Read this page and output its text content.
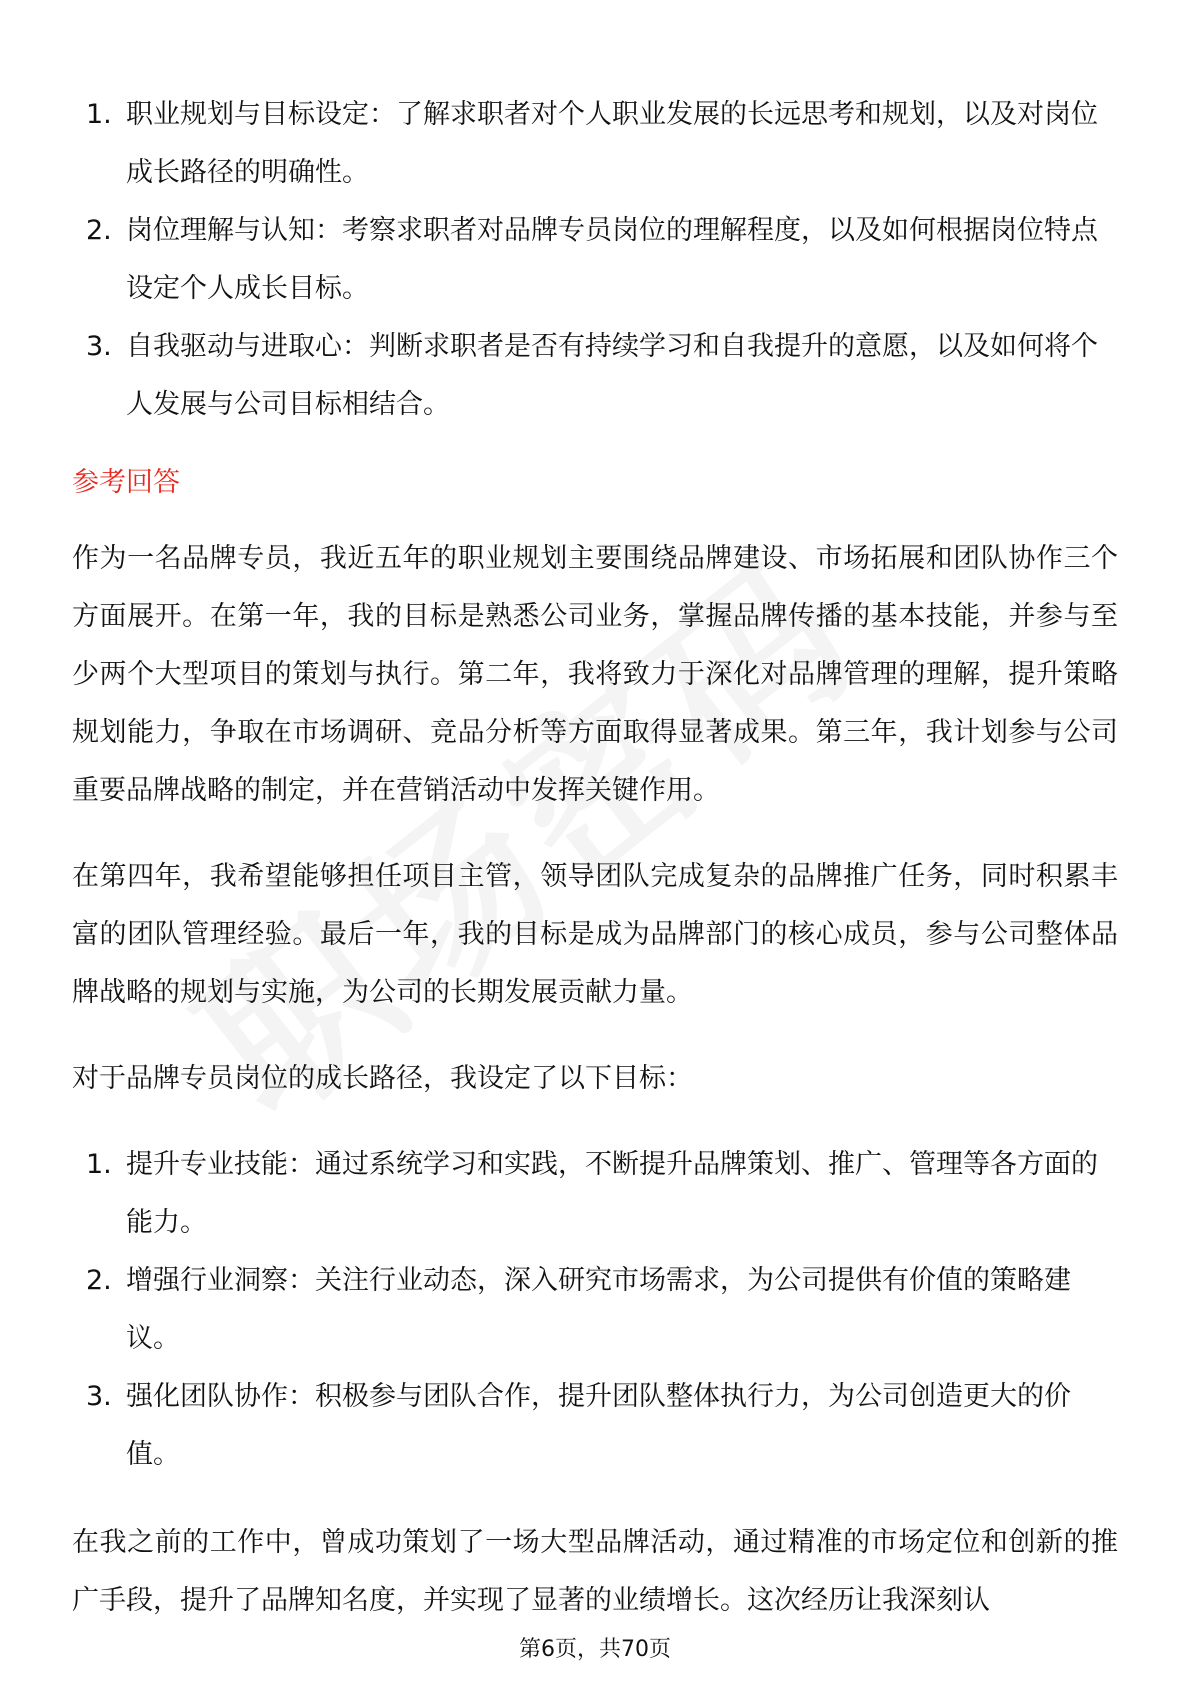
1. 职业规划与目标设定：了解求职者对个人职业发展的长远思考和规划，以及对岗位成长路径的明确性。
2. 岗位理解与认知：考察求职者对品牌专员岗位的理解程度，以及如何根据岗位特点设定个人成长目标。
3. 自我驱动与进取心：判断求职者是否有持续学习和自我提升的意愿，以及如何将个人发展与公司目标相结合。
参考回答

作为一名品牌专员，我近五年的职业规划主要围绕品牌建设、市场拓展和团队协作三个方面展开。在第一年，我的目标是熟悉公司业务，掌握品牌传播的基本技能，并参与至少两个大型项目的策划与执行。第二年，我将致力于深化对品牌管理的理解，提升策略规划能力，争取在市场调研、竞品分析等方面取得显著成果。第三年，我计划参与公司重要品牌战略的制定，并在营销活动中发挥关键作用。

在第四年，我希望能够担任项目主管，领导团队完成复杂的品牌推广任务，同时积累丰富的团队管理经验。最后一年，我的目标是成为品牌部门的核心成员，参与公司整体品牌战略的规划与实施，为公司的长期发展贡献力量。

对于品牌专员岗位的成长路径，我设定了以下目标：

1. 提升专业技能：通过系统学习和实践，不断提升品牌策划、推广、管理等各方面的能力。
2. 增强行业洞察：关注行业动态，深入研究市场需求，为公司提供有价值的策略建议。
3. 强化团队协作：积极参与团队合作，提升团队整体执行力，为公司创造更大的价值。

在我之前的工作中，曾成功策划了一场大型品牌活动，通过精准的市场定位和创新的推广手段，提升了品牌知名度，并实现了显著的业绩增长。这次经历让我深刻认

第6页，共70页
